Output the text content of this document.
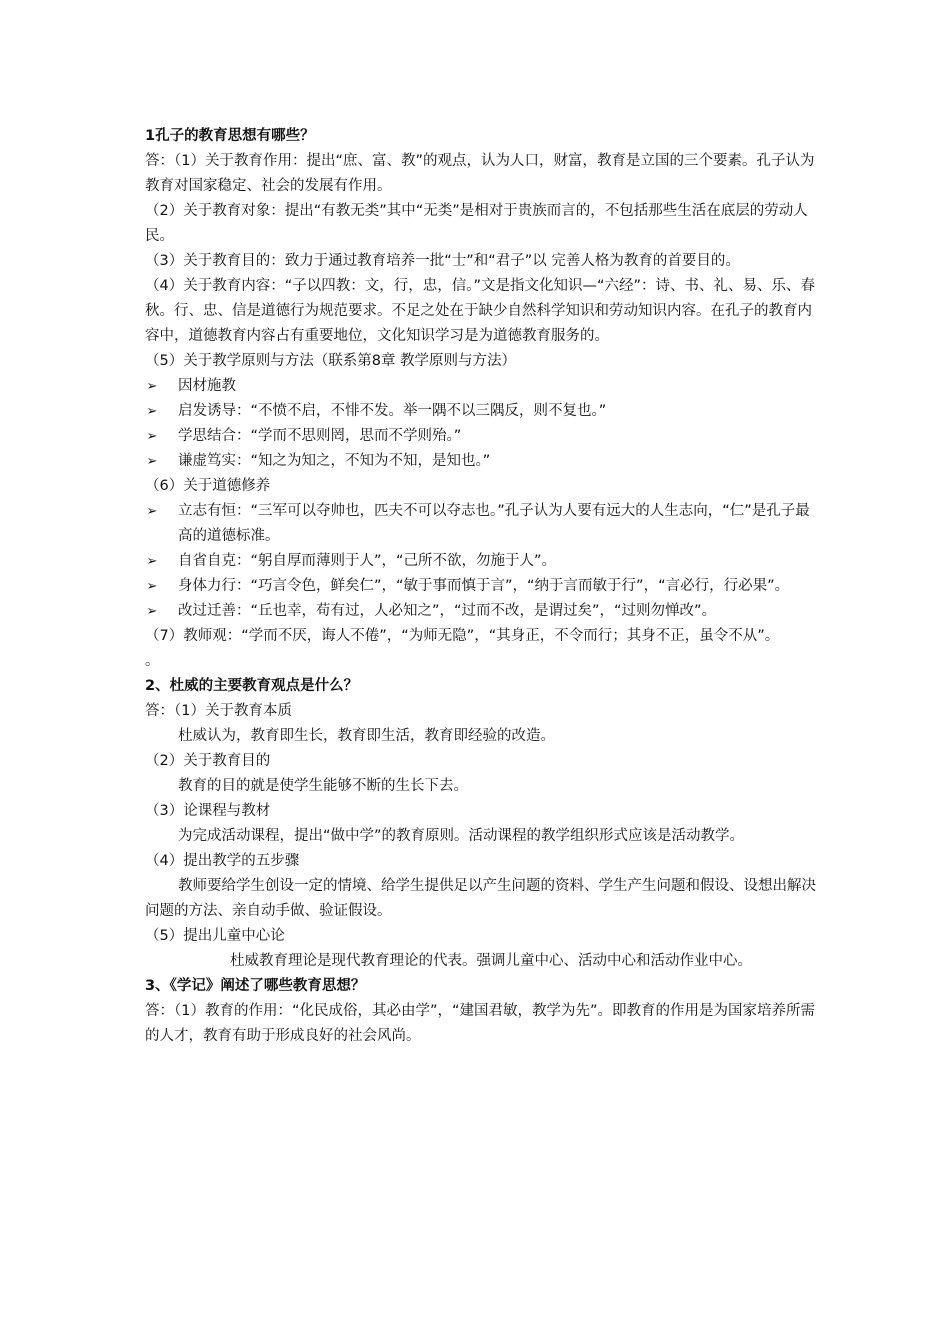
1孔子的教育思想有哪些？

答：（1）关于教育作用：提出“庶、富、教”的观点，认为人口，财富，教育是立国的三个要素。孔子认为教育对国家稳定、社会的发展有作用。

（2）关于教育对象：提出“有教无类”其中“无类”是相对于贵族而言的，不包括那些生活在底层的劳动人民。

（3）关于教育目的：致力于通过教育培养一批“士”和“君子”以 完善人格为教育的首要目的。

（4）关于教育内容：“子以四教：文，行，忠，信。”文是指文化知识—“六经”：诗、书、礼、易、乐、春秋。行、忠、信是道德行为规范要求。不足之处在于缺少自然科学知识和劳动知识内容。在孔子的教育内容中，道德教育内容占有重要地位，文化知识学习是为道德教育服务的。

（5）关于教学原则与方法（联系第8章 教学原则与方法）

➢ 因材施教

➢ 启发诱导：“不愤不启，不悱不发。举一隅不以三隅反，则不复也。”

➢ 学思结合：“学而不思则罔，思而不学则殆。”

➢ 谦虚笃实：“知之为知之，不知为不知，是知也。”

（6）关于道德修养

➢ 立志有恒：“三军可以夺帅也，匹夫不可以夺志也。”孔子认为人要有远大的人生志向，“仁”是孔子最高的道德标准。

➢ 自省自克：“躬自厚而薄则于人”，“己所不欲，勿施于人”。

➢ 身体力行：“巧言令色，鲜矣仁”，“敏于事而慎于言”，“纳于言而敏于行”，“言必行，行必果”。

➢ 改过迁善：“丘也幸，苟有过，人必知之”，“过而不改，是谓过矣”，“过则勿惮改”。

（7）教师观：“学而不厌，诲人不倦”，“为师无隐”，“其身正，不令而行；其身不正，虽令不从”。

。

2、杜威的主要教育观点是什么？

答：（1）关于教育本质

杜威认为，教育即生长，教育即生活，教育即经验的改造。

（2）关于教育目的

教育的目的就是使学生能够不断的生长下去。

（3）论课程与教材

为完成活动课程，提出“做中学”的教育原则。活动课程的教学组织形式应该是活动教学。

（4）提出教学的五步骤

教师要给学生创设一定的情境、给学生提供足以产生问题的资料、学生产生问题和假设、设想出解决问题的方法、亲自动手做、验证假设。

（5）提出儿童中心论

杜威教育理论是现代教育理论的代表。强调儿童中心、活动中心和活动作业中心。

3、《学记》阐述了哪些教育思想？

答：（1）教育的作用：“化民成俗，其必由学”，“建国君敏，教学为先”。即教育的作用是为国家培养所需的人才，教育有助于形成良好的社会风尚。
